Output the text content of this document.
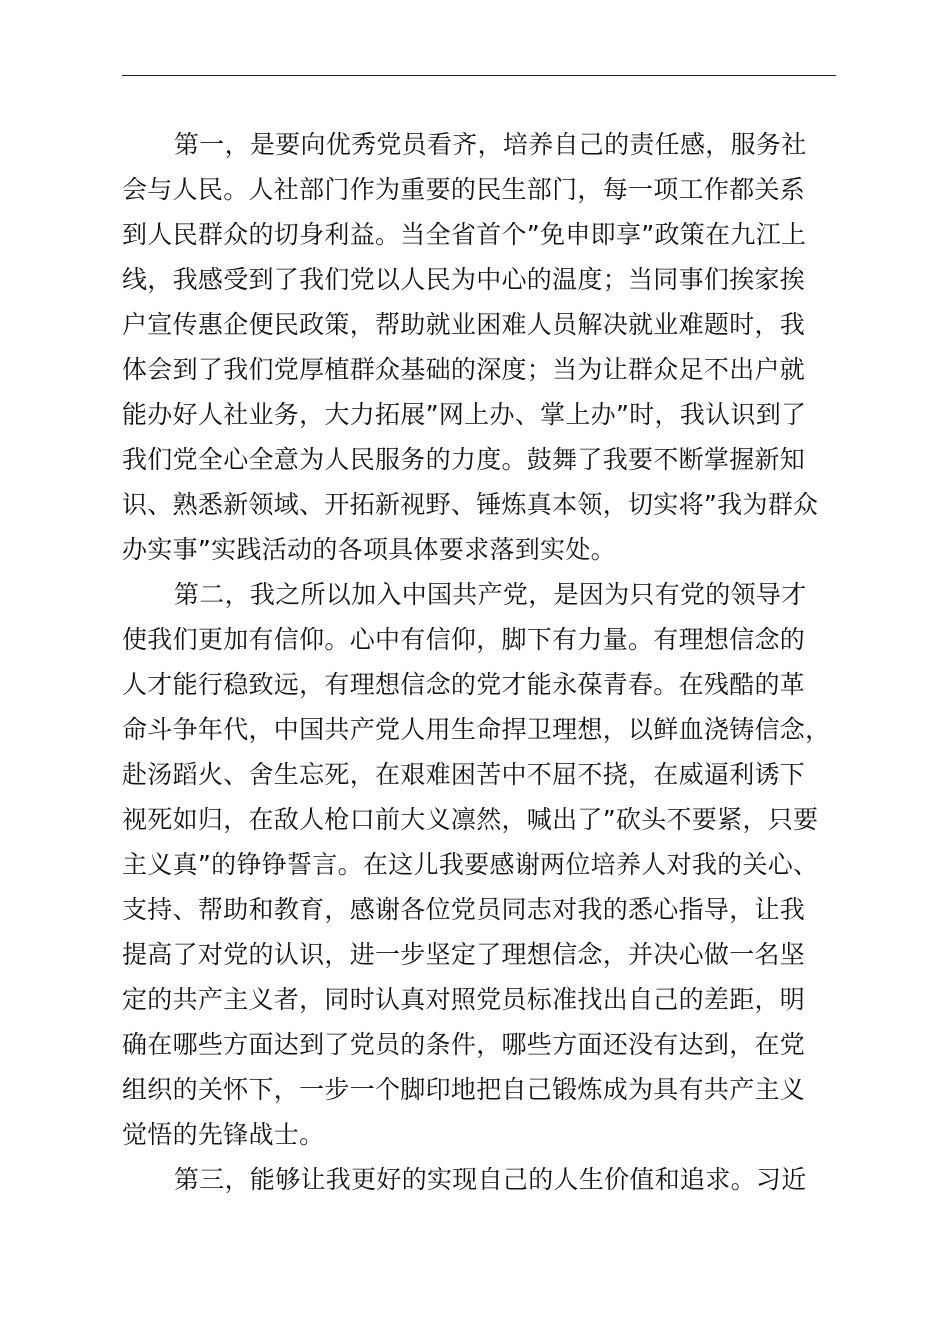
第一，是要向优秀党员看齐，培养自己的责任感，服务社
会与人民。人社部门作为重要的民生部门，每一项工作都关系
到人民群众的切身利益。当全省首个”免申即享”政策在九江上
线，我感受到了我们党以人民为中心的温度；当同事们挨家挨
户宣传惠企便民政策，帮助就业困难人员解决就业难题时，我
体会到了我们党厚植群众基础的深度；当为让群众足不出户就
能办好人社业务，大力拓展”网上办、掌上办”时，我认识到了
我们党全心全意为人民服务的力度。鼓舞了我要不断掌握新知
识、熟悉新领域、开拓新视野、锤炼真本领，切实将”我为群众
办实事”实践活动的各项具体要求落到实处。
第二，我之所以加入中国共产党，是因为只有党的领导才
使我们更加有信仰。心中有信仰，脚下有力量。有理想信念的
人才能行稳致远，有理想信念的党才能永葆青春。在残酷的革
命斗争年代，中国共产党人用生命捍卫理想，以鲜血浇铸信念，
赴汤蹈火、舍生忘死，在艰难困苦中不屈不挠，在威逼利诱下
视死如归，在敌人枪口前大义凛然，喊出了”砍头不要紧，只要
主义真”的铮铮誓言。在这儿我要感谢两位培养人对我的关心、
支持、帮助和教育，感谢各位党员同志对我的悉心指导，让我
提高了对党的认识，进一步坚定了理想信念，并决心做一名坚
定的共产主义者，同时认真对照党员标准找出自己的差距，明
确在哪些方面达到了党员的条件，哪些方面还没有达到，在党
组织的关怀下，一步一个脚印地把自己锻炼成为具有共产主义
觉悟的先锋战士。
第三，能够让我更好的实现自己的人生价值和追求。习近
